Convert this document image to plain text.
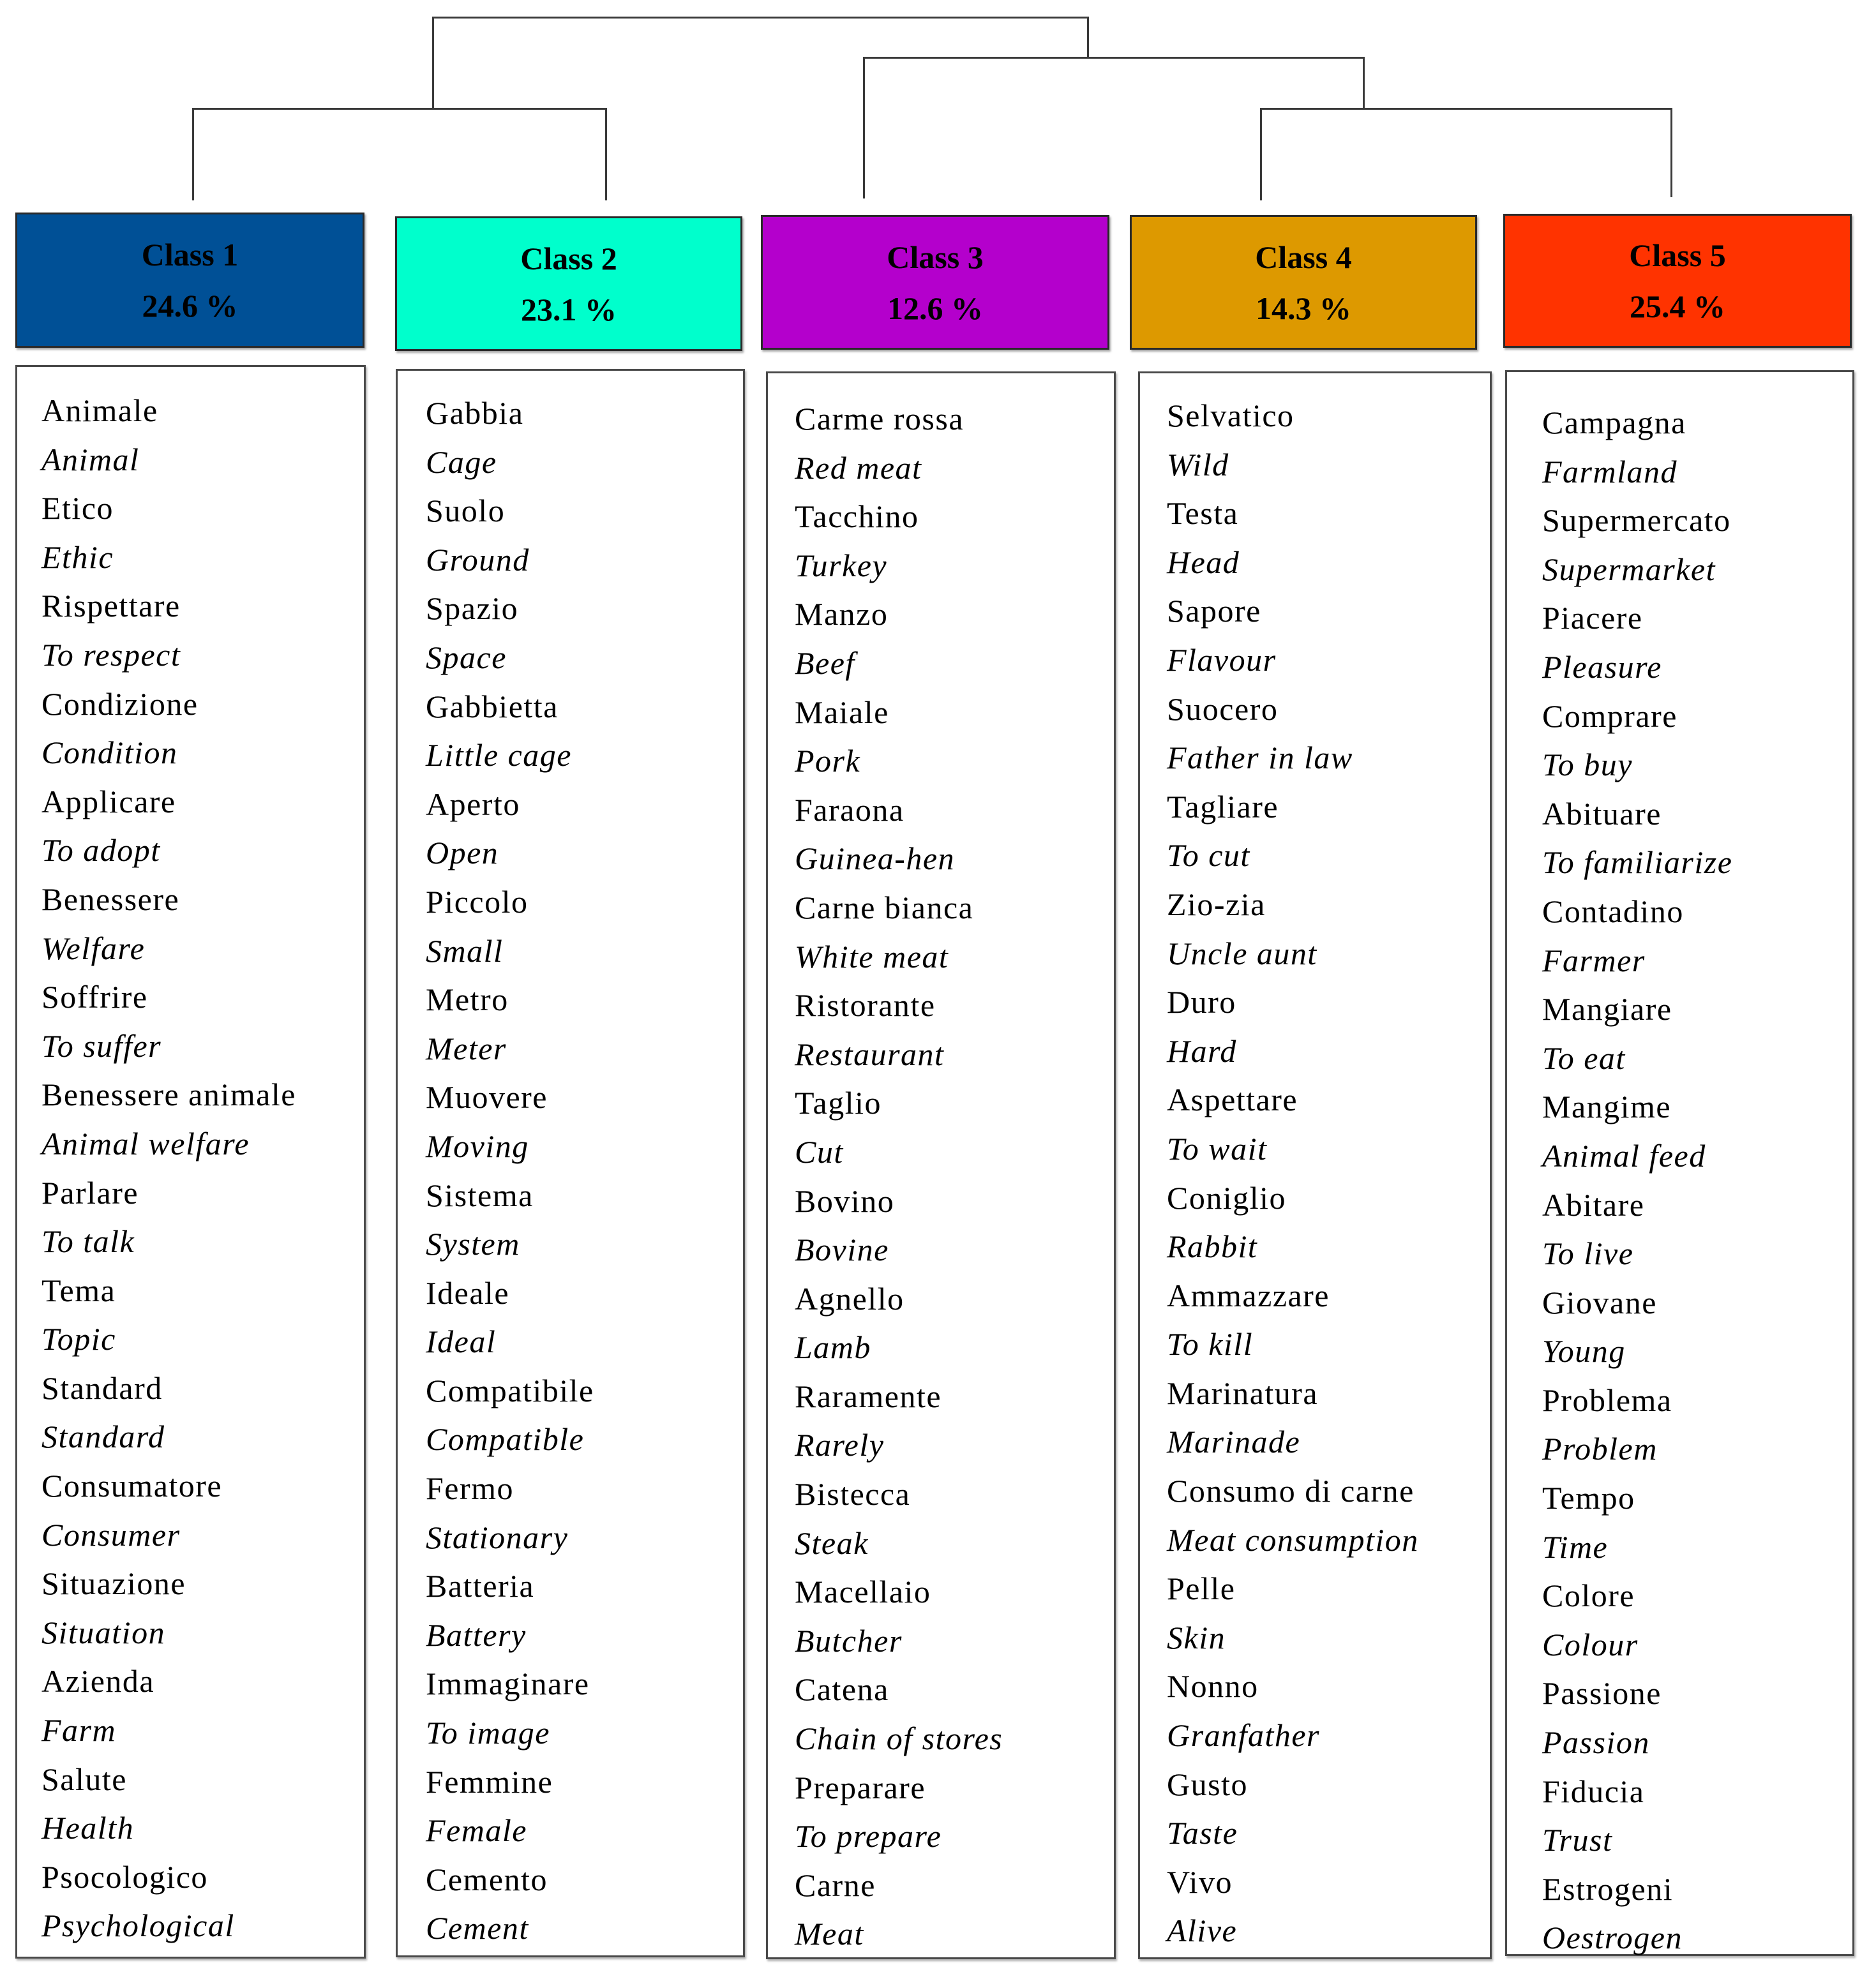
Class 1
24.6 %
Class 2
23.1 %
Class 3
12.6 %
Class 4
14.3 %
Class 5
25.4 %
Animale
Animal
Etico
Ethic
Rispettare
To respect
Condizione
Condition
Applicare
To adopt
Benessere
Welfare
Soffrire
To suffer
Benessere animale
Animal welfare
Parlare
To talk
Tema
Topic
Standard
Standard
Consumatore
Consumer
Situazione
Situation
Azienda
Farm
Salute
Health
Psocologico
Psychological
Gabbia
Cage
Suolo
Ground
Spazio
Space
Gabbietta
Little cage
Aperto
Open
Piccolo
Small
Metro
Meter
Muovere
Moving
Sistema
System
Ideale
Ideal
Compatibile
Compatible
Fermo
Stationary
Batteria
Battery
Immaginare
To image
Femmine
Female
Cemento
Cement
Carme rossa
Red meat
Tacchino
Turkey
Manzo
Beef
Maiale
Pork
Faraona
Guinea-hen
Carne bianca
White meat
Ristorante
Restaurant
Taglio
Cut
Bovino
Bovine
Agnello
Lamb
Raramente
Rarely
Bistecca
Steak
Macellaio
Butcher
Catena
Chain of stores
Preparare
To prepare
Carne
Meat
Selvatico
Wild
Testa
Head
Sapore
Flavour
Suocero
Father in law
Tagliare
To cut
Zio-zia
Uncle aunt
Duro
Hard
Aspettare
To wait
Coniglio
Rabbit
Ammazzare
To kill
Marinatura
Marinade
Consumo di carne
Meat consumption
Pelle
Skin
Nonno
Granfather
Gusto
Taste
Vivo
Alive
Campagna
Farmland
Supermercato
Supermarket
Piacere
Pleasure
Comprare
To buy
Abituare
To familiarize
Contadino
Farmer
Mangiare
To eat
Mangime
Animal feed
Abitare
To live
Giovane
Young
Problema
Problem
Tempo
Time
Colore
Colour
Passione
Passion
Fiducia
Trust
Estrogeni
Oestrogen
